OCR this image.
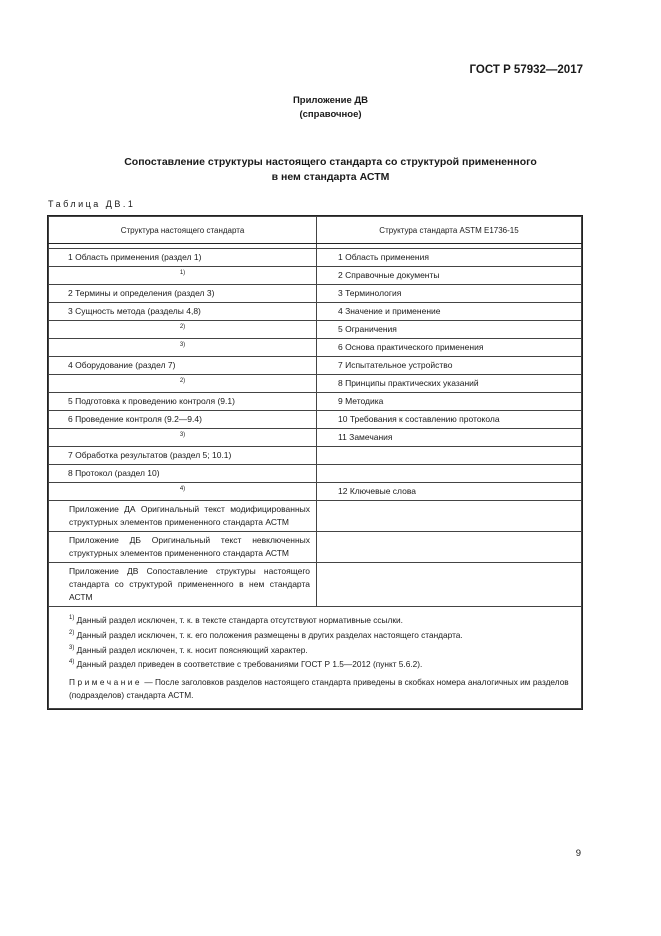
ГОСТ Р 57932—2017
Приложение ДВ
(справочное)
Сопоставление структуры настоящего стандарта со структурой примененного
в нем стандарта АСТМ
Таблица ДВ.1
Структура настоящего стандарта	Структура стандарта ASTM E1736-15

1 Область применения (раздел 1)	1 Область применения
1)	2 Справочные документы
2 Термины и определения (раздел 3)	3 Терминология
3 Сущность метода (разделы 4,8)	4 Значение и применение
2)	5 Ограничения
3)	6 Основа практического применения
4 Оборудование (раздел 7)	7 Испытательное устройство
2)	8 Принципы практических указаний
5 Подготовка к проведению контроля (9.1)	9 Методика
6 Проведение контроля (9.2—9.4)	10 Требования к составлению протокола
3)	11 Замечания
7 Обработка результатов (раздел 5; 10.1)	
8 Протокол (раздел 10)	
4)	12 Ключевые слова
Приложение ДА Оригинальный текст модифицированных структурных элементов примененного стандарта АСТМ	
Приложение ДБ Оригинальный текст невключенных структурных элементов примененного стандарта АСТМ	
Приложение ДВ Сопоставление структуры настоящего стандарта со структурой примененного в нем стандарта АСТМ	

$^{1)}$ Данный раздел исключен, т. к. в тексте стандарта отсутствуют нормативные ссылки.
$^{2)}$ Данный раздел исключен, т. к. его положения размещены в других разделах настоящего стандарта.
$^{3)}$ Данный раздел исключен, т. к. носит поясняющий характер.
$^{4)}$ Данный раздел приведен в соответствие с требованиями ГОСТ Р 1.5—2012 (пункт 5.6.2).
Примечание — После заголовков разделов настоящего стандарта приведены в скобках номера аналогичных им разделов (подразделов) стандарта АСТМ.	
9
